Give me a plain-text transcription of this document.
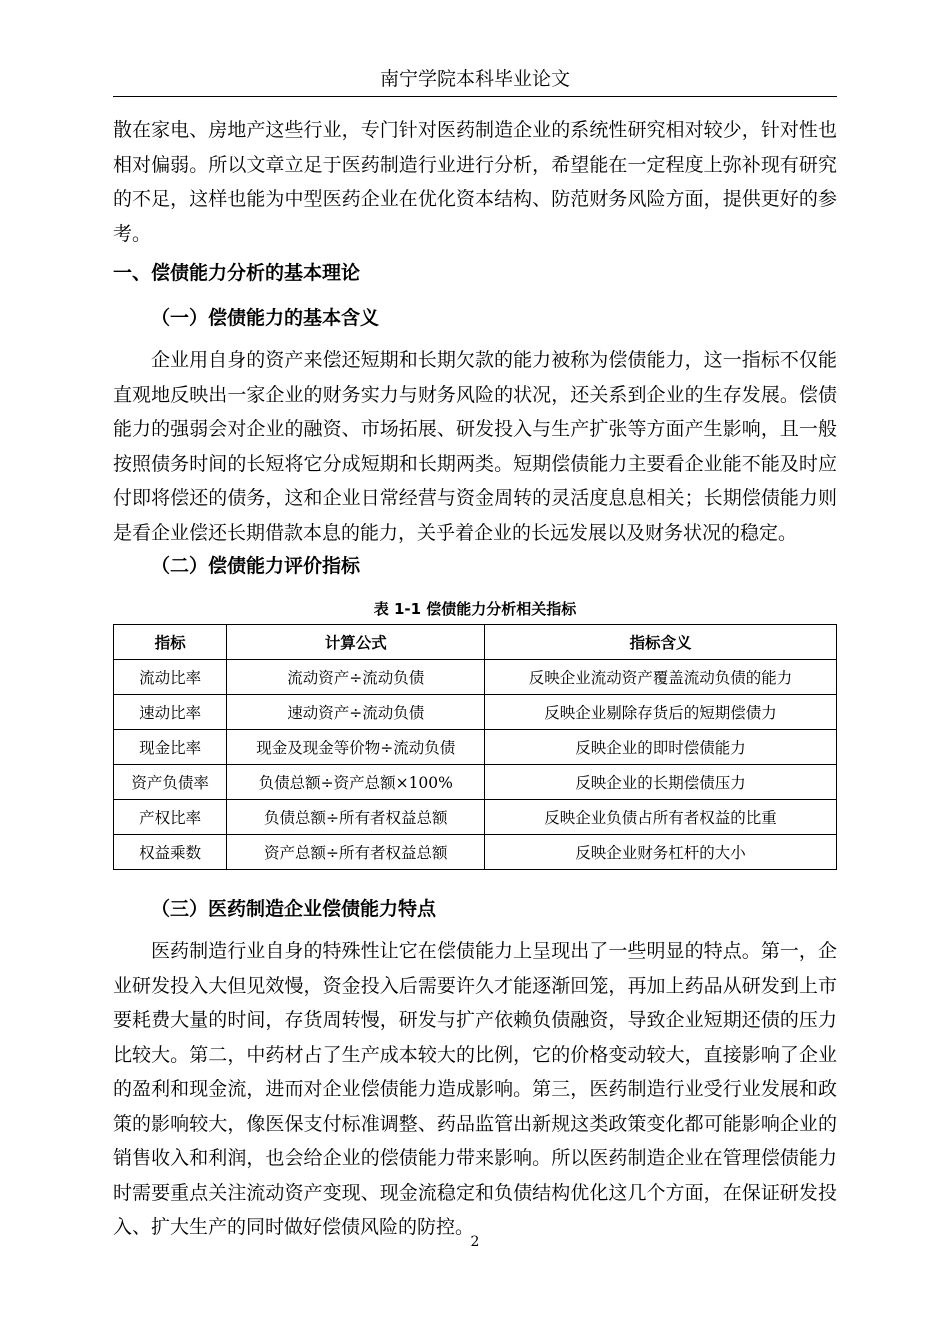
南宁学院本科毕业论文

散在家电、房地产这些行业，专门针对医药制造企业的系统性研究相对较少，针对性也相对偏弱。所以文章立足于医药制造行业进行分析，希望能在一定程度上弥补现有研究的不足，这样也能为中型医药企业在优化资本结构、防范财务风险方面，提供更好的参考。

一、偿债能力分析的基本理论
（一）偿债能力的基本含义

企业用自身的资产来偿还短期和长期欠款的能力被称为偿债能力，这一指标不仅能直观地反映出一家企业的财务实力与财务风险的状况，还关系到企业的生存发展。偿债能力的强弱会对企业的融资、市场拓展、研发投入与生产扩张等方面产生影响，且一般按照债务时间的长短将它分成短期和长期两类。短期偿债能力主要看企业能不能及时应付即将偿还的债务，这和企业日常经营与资金周转的灵活度息息相关；长期偿债能力则是看企业偿还长期借款本息的能力，关乎着企业的长远发展以及财务状况的稳定。

（二）偿债能力评价指标
表 1-1 偿债能力分析相关指标
指标	计算公式	指标含义
流动比率	流动资产÷流动负债	反映企业流动资产覆盖流动负债的能力
速动比率	速动资产÷流动负债	反映企业剔除存货后的短期偿债力
现金比率	现金及现金等价物÷流动负债	反映企业的即时偿债能力
资产负债率	负债总额÷资产总额×100%	反映企业的长期偿债压力
产权比率	负债总额÷所有者权益总额	反映企业负债占所有者权益的比重
权益乘数	资产总额÷所有者权益总额	反映企业财务杠杆的大小
（三）医药制造企业偿债能力特点

医药制造行业自身的特殊性让它在偿债能力上呈现出了一些明显的特点。第一，企业研发投入大但见效慢，资金投入后需要许久才能逐渐回笼，再加上药品从研发到上市要耗费大量的时间，存货周转慢，研发与扩产依赖负债融资，导致企业短期还债的压力比较大。第二，中药材占了生产成本较大的比例，它的价格变动较大，直接影响了企业的盈利和现金流，进而对企业偿债能力造成影响。第三，医药制造行业受行业发展和政策的影响较大，像医保支付标准调整、药品监管出新规这类政策变化都可能影响企业的销售收入和利润，也会给企业的偿债能力带来影响。所以医药制造企业在管理偿债能力时需要重点关注流动资产变现、现金流稳定和负债结构优化这几个方面，在保证研发投入、扩大生产的同时做好偿债风险的防控。

2
